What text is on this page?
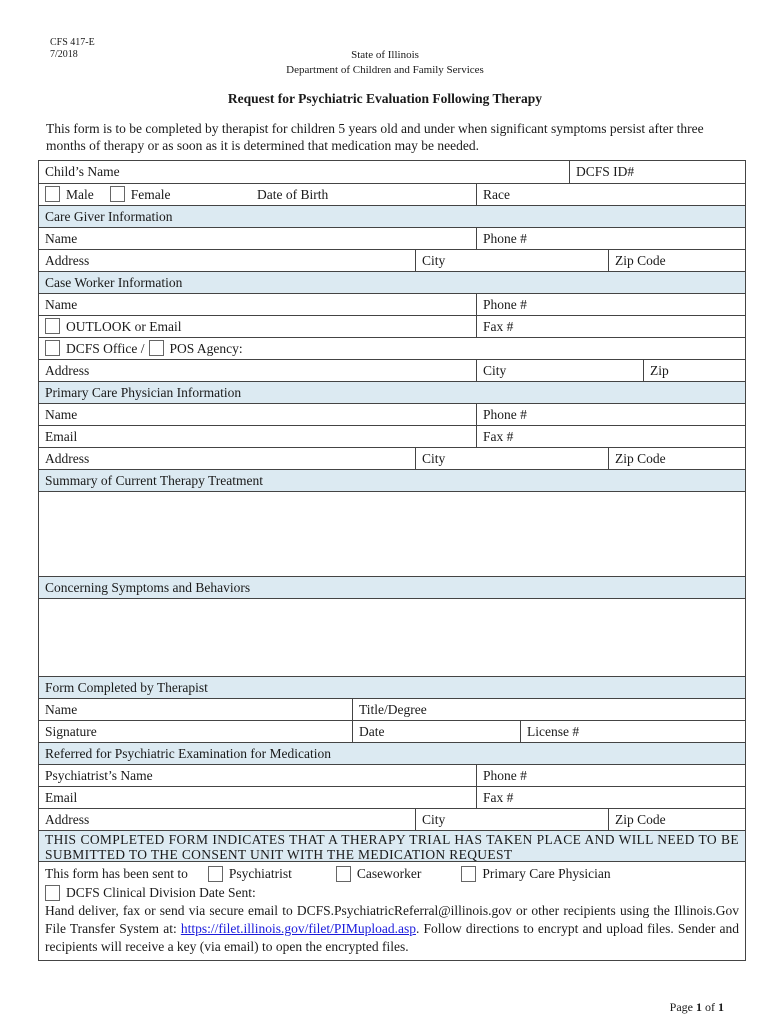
CFS 417-E
7/2018	State of Illinois
Department of Children and Family Services
Request for Psychiatric Evaluation Following Therapy
This form is to be completed by therapist for children 5 years old and under when significant symptoms persist after three months of therapy or as soon as it is determined that medication may be needed.
Child’s Name	DCFS ID#
Male	Female	Date of Birth	Race
Care Giver Information
Name	Phone #
Address	City	Zip Code
Case Worker Information
Name	Phone #
OUTLOOK or Email	Fax #
DCFS Office / POS Agency:
Address	City	Zip
Primary Care Physician Information
Name	Phone #
Email	Fax #
Address	City	Zip Code
Summary of Current Therapy Treatment
Concerning Symptoms and Behaviors
Form Completed by Therapist
Name	Title/Degree
Signature	Date	License #
Referred for Psychiatric Examination for Medication
Psychiatrist’s Name	Phone #
Email	Fax #
Address	City	Zip Code
THIS COMPLETED FORM INDICATES THAT A THERAPY TRIAL HAS TAKEN PLACE AND WILL NEED TO BE SUBMITTED TO THE CONSENT UNIT WITH THE MEDICATION REQUEST
This form has been sent to	Psychiatrist	Caseworker	Primary Care Physician
DCFS Clinical Division Date Sent:
Hand deliver, fax or send via secure email to DCFS.PsychiatricReferral@illinois.gov or other recipients using the Illinois.Gov File Transfer System at: https://filet.illinois.gov/filet/PIMupload.asp. Follow directions to encrypt and upload files. Sender and recipients will receive a key (via email) to open the encrypted files.
Page 1 of 1
